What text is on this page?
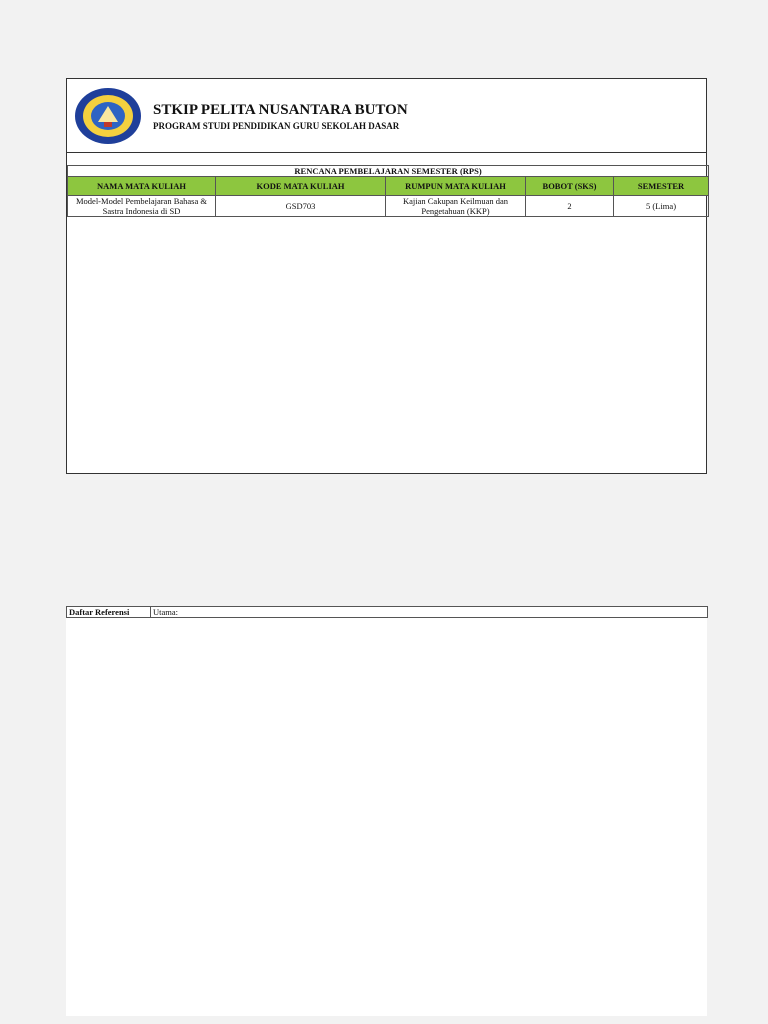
STKIP PELITA NUSANTARA BUTON
PROGRAM STUDI PENDIDIKAN GURU SEKOLAH DASAR
RENCANA PEMBELAJARAN SEMESTER (RPS)				
NAMA MATA KULIAH	KODE MATA KULIAH	RUMPUN MATA KULIAH	BOBOT (SKS)	SEMESTER
Model-Model Pembelajaran Bahasa & Sastra Indonesia di SD	GSD703	Kajian Cakupan Keilmuan dan Pengetahuan (KKP)	2	5 (Lima)
Daftar Referensi	Utama:
